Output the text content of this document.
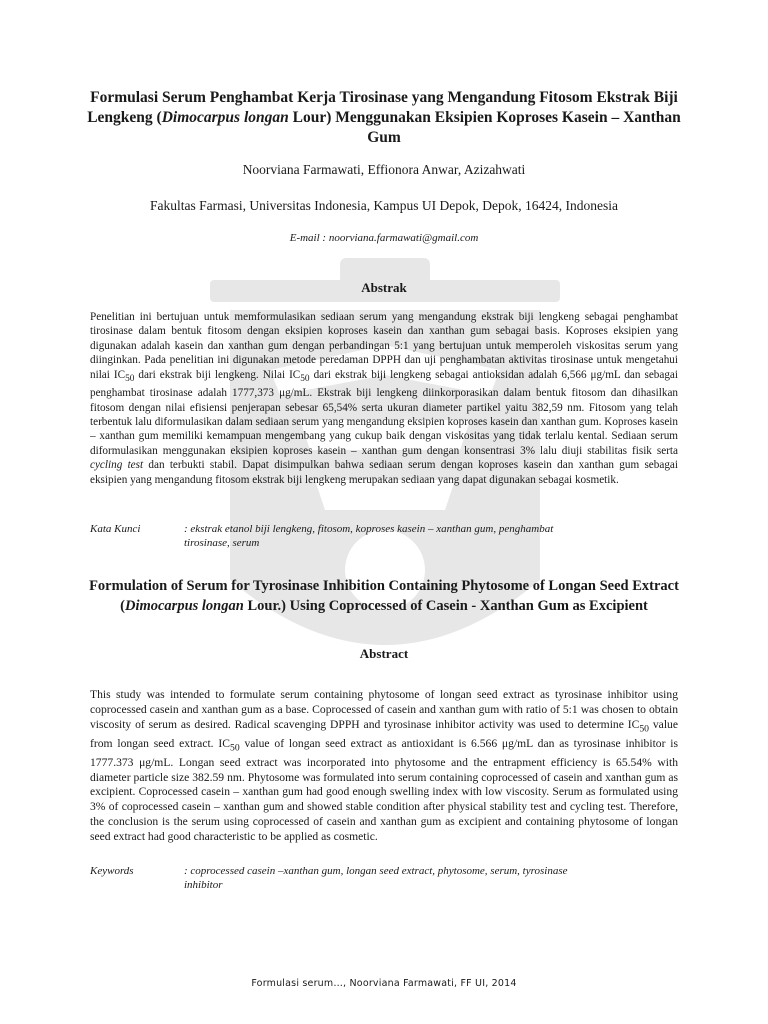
Formulasi Serum Penghambat Kerja Tirosinase yang Mengandung Fitosom Ekstrak Biji Lengkeng (Dimocarpus longan Lour) Menggunakan Eksipien Koproses Kasein – Xanthan Gum

Noorviana Farmawati, Effionora Anwar, Azizahwati

Fakultas Farmasi, Universitas Indonesia, Kampus UI Depok, Depok, 16424, Indonesia

E-mail : noorviana.farmawati@gmail.com

Abstrak

Penelitian ini bertujuan untuk memformulasikan sediaan serum yang mengandung ekstrak biji lengkeng sebagai penghambat tirosinase dalam bentuk fitosom dengan eksipien koproses kasein dan xanthan gum sebagai basis. Koproses eksipien yang digunakan adalah kasein dan xanthan gum dengan perbandingan 5:1 yang bertujuan untuk memperoleh viskositas serum yang diinginkan. Pada penelitian ini digunakan metode peredaman DPPH dan uji penghambatan aktivitas tirosinase untuk mengetahui nilai $IC_{50}$ dari ekstrak biji lengkeng. Nilai $IC_{50}$ dari ekstrak biji lengkeng sebagai antioksidan adalah 6,566 μg/mL dan sebagai penghambat tirosinase adalah 1777,373 μg/mL. Ekstrak biji lengkeng diinkorporasikan dalam bentuk fitosom dan dihasilkan fitosom dengan nilai efisiensi penjerapan sebesar 65,54% serta ukuran diameter partikel yaitu 382,59 nm. Fitosom yang telah terbentuk lalu diformulasikan dalam sediaan serum yang mengandung eksipien koproses kasein dan xanthan gum. Koproses kasein – xanthan gum memiliki kemampuan mengembang yang cukup baik dengan viskositas yang tidak terlalu kental. Sediaan serum diformulasikan menggunakan eksipien koproses kasein – xanthan gum dengan konsentrasi 3% lalu diuji stabilitas fisik serta cycling test dan terbukti stabil. Dapat disimpulkan bahwa sediaan serum dengan koproses kasein dan xanthan gum sebagai eksipien yang mengandung fitosom ekstrak biji lengkeng merupakan sediaan yang dapat digunakan sebagai kosmetik.

Kata Kunci	: ekstrak etanol biji lengkeng, fitosom, koproses kasein – xanthan gum, penghambat tirosinase, serum
Formulation of Serum for Tyrosinase Inhibition Containing Phytosome of Longan Seed Extract (Dimocarpus longan Lour.) Using Coprocessed of Casein - Xanthan Gum as Excipient
Abstract

This study was intended to formulate serum containing phytosome of longan seed extract as tyrosinase inhibitor using coprocessed casein and xanthan gum as a base. Coprocessed of casein and xanthan gum with ratio of 5:1 was chosen to obtain viscosity of serum as desired. Radical scavenging DPPH and tyrosinase inhibitor activity was used to determine $IC_{50}$ value from longan seed extract. $IC_{50}$ value of longan seed extract as antioxidant is 6.566 μg/mL dan as tyrosinase inhibitor is 1777.373 μg/mL. Longan seed extract was incorporated into phytosome and the entrapment efficiency is 65.54% with diameter particle size 382.59 nm. Phytosome was formulated into serum containing coprocessed of casein and xanthan gum as excipient. Coprocessed casein – xanthan gum had good enough swelling index with low viscosity. Serum as formulated using 3% of coprocessed casein – xanthan gum and showed stable condition after physical stability test and cycling test. Therefore, the conclusion is the serum using coprocessed of casein and xanthan gum as excipient and containing phytosome of longan seed extract had good characteristic to be applied as cosmetic.

Keywords	: coprocessed casein –xanthan gum, longan seed extract, phytosome, serum, tyrosinase inhibitor

Formulasi serum…, Noorviana Farmawati, FF UI, 2014
